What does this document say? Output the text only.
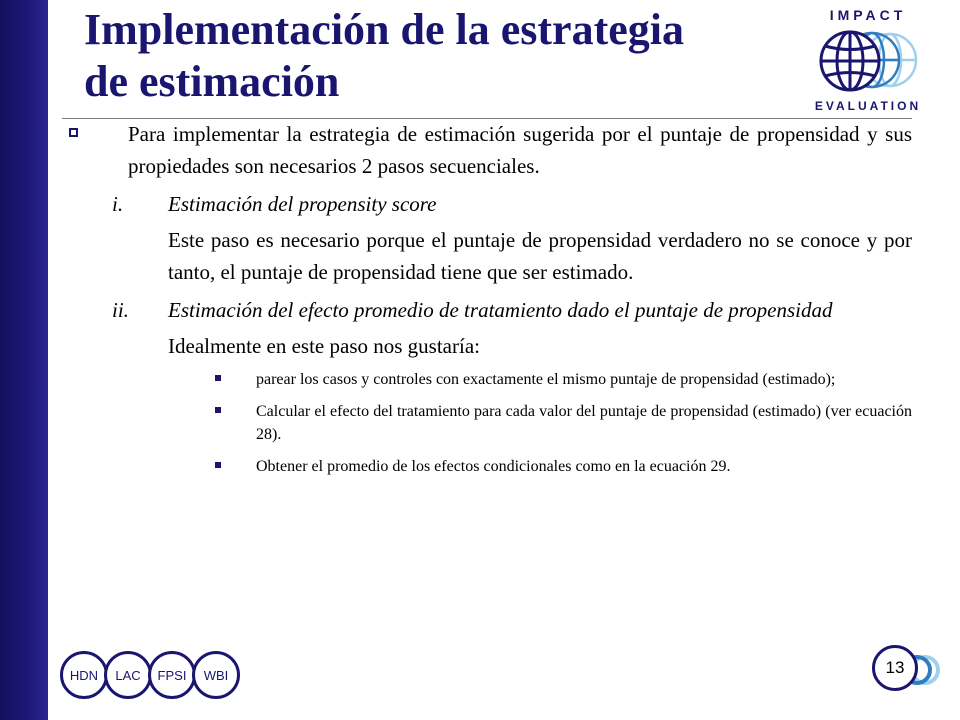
Implementación de la estrategia
de estimación
IMPACT
EVALUATION

Para implementar la estrategia de estimación sugerida por el puntaje de propensidad y sus propiedades son necesarios 2 pasos secuenciales.

i. Estimación del propensity score

Este paso es necesario porque el puntaje de propensidad verdadero no se conoce y por tanto, el puntaje de propensidad tiene que ser estimado.

ii. Estimación del efecto promedio de tratamiento dado el puntaje de propensidad

Idealmente en este paso nos gustaría:

parear los casos y controles con exactamente el mismo puntaje de propensidad (estimado);
Calcular el efecto del tratamiento para cada valor del puntaje de propensidad (estimado) (ver ecuación 28).
Obtener el promedio de los efectos condicionales como en la ecuación 29.
HDN	LAC	FPSI	WBI	13
